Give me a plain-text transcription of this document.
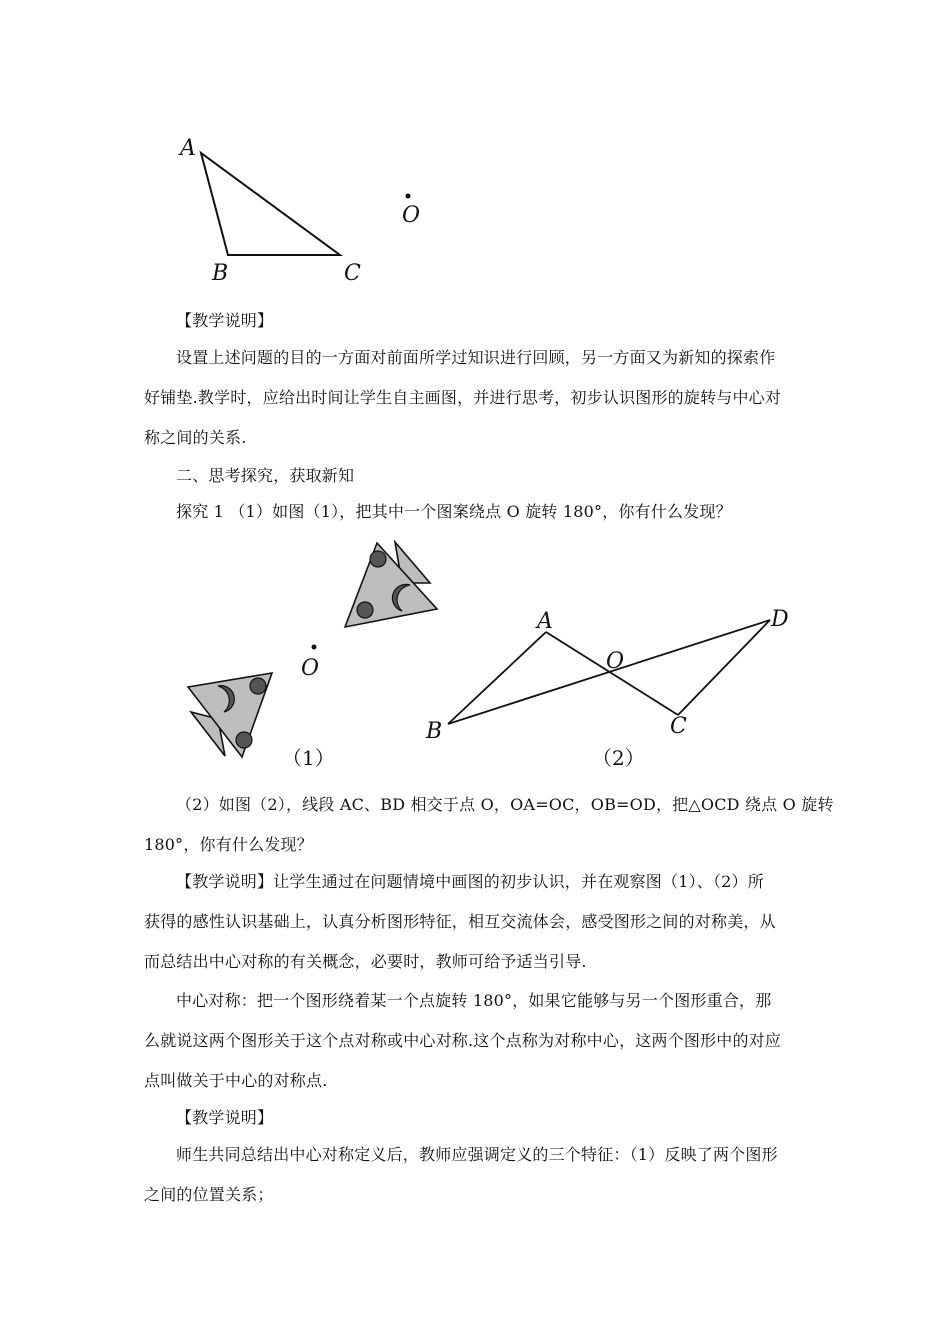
A
B	C
O
【教学说明】
设置上述问题的目的一方面对前面所学过知识进行回顾，另一方面又为新知的探索作
好铺垫.教学时，应给出时间让学生自主画图，并进行思考，初步认识图形的旋转与中心对
称之间的关系.
二、思考探究，获取新知
探究 1 （1）如图（1），把其中一个图案绕点 O 旋转 180°，你有什么发现？
O
（1）
A
B	C
D
O
（2）
（2）如图（2），线段 AC、BD 相交于点 O，OA=OC，OB=OD，把△OCD 绕点 O 旋转
180°，你有什么发现？
【教学说明】让学生通过在问题情境中画图的初步认识，并在观察图（1）、（2）所
获得的感性认识基础上，认真分析图形特征，相互交流体会，感受图形之间的对称美，从
而总结出中心对称的有关概念，必要时，教师可给予适当引导.
中心对称：把一个图形绕着某一个点旋转 180°，如果它能够与另一个图形重合，那
么就说这两个图形关于这个点对称或中心对称.这个点称为对称中心，这两个图形中的对应
点叫做关于中心的对称点.
【教学说明】
师生共同总结出中心对称定义后，教师应强调定义的三个特征：（1）反映了两个图形
之间的位置关系；
